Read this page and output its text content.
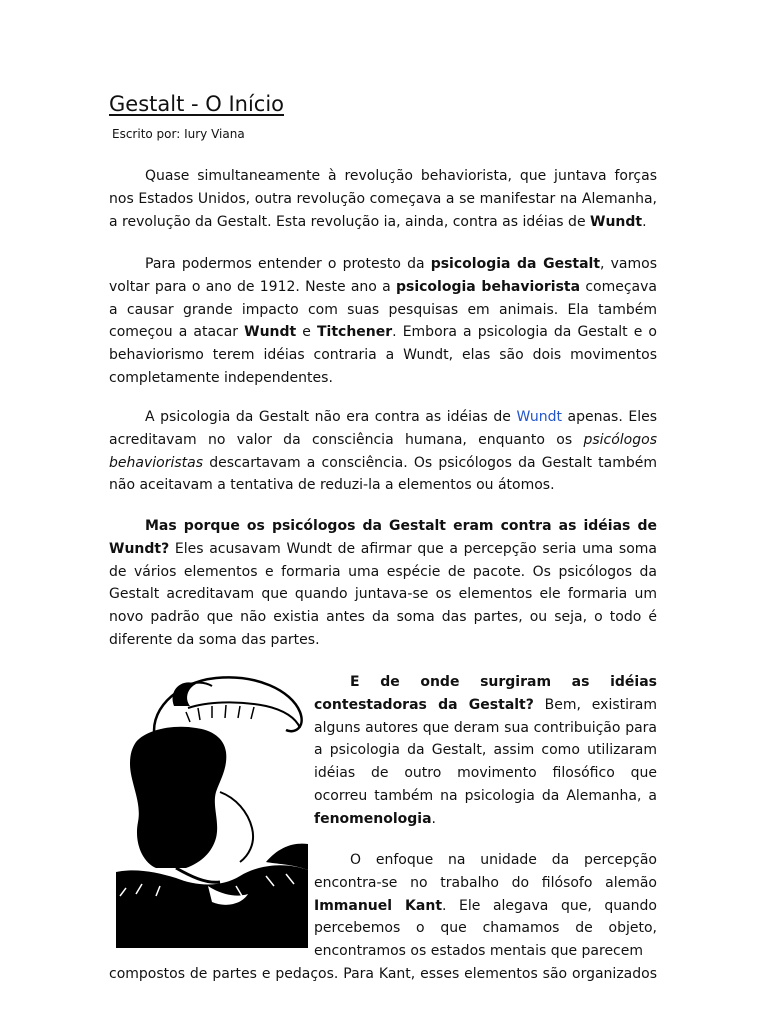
Gestalt - O Início
Escrito por: Iury Viana

Quase simultaneamente à revolução behaviorista, que juntava forças nos Estados Unidos, outra revolução começava a se manifestar na Alemanha, a revolução da Gestalt. Esta revolução ia, ainda, contra as idéias de Wundt.

Para podermos entender o protesto da psicologia da Gestalt, vamos voltar para o ano de 1912. Neste ano a psicologia behaviorista começava a causar grande impacto com suas pesquisas em animais. Ela também começou a atacar Wundt e Titchener. Embora a psicologia da Gestalt e o behaviorismo terem idéias contraria a Wundt, elas são dois movimentos completamente independentes.

A psicologia da Gestalt não era contra as idéias de Wundt apenas. Eles acreditavam no valor da consciência humana, enquanto os psicólogos behavioristas descartavam a consciência. Os psicólogos da Gestalt também não aceitavam a tentativa de reduzi-la a elementos ou átomos.

Mas porque os psicólogos da Gestalt eram contra as idéias de Wundt? Eles acusavam Wundt de afirmar que a percepção seria uma soma de vários elementos e formaria uma espécie de pacote. Os psicólogos da Gestalt acreditavam que quando juntava-se os elementos ele formaria um novo padrão que não existia antes da soma das partes, ou seja, o todo é diferente da soma das partes.

E de onde surgiram as idéias contestadoras da Gestalt? Bem, existiram alguns autores que deram sua contribuição para a psicologia da Gestalt, assim como utilizaram idéias de outro movimento filosófico que ocorreu também na psicologia da Alemanha, a fenomenologia.

O enfoque na unidade da percepção encontra-se no trabalho do filósofo alemão Immanuel Kant. Ele alegava que, quando percebemos o que chamamos de objeto, encontramos os estados mentais que parecem

compostos de partes e pedaços. Para Kant, esses elementos são organizados
